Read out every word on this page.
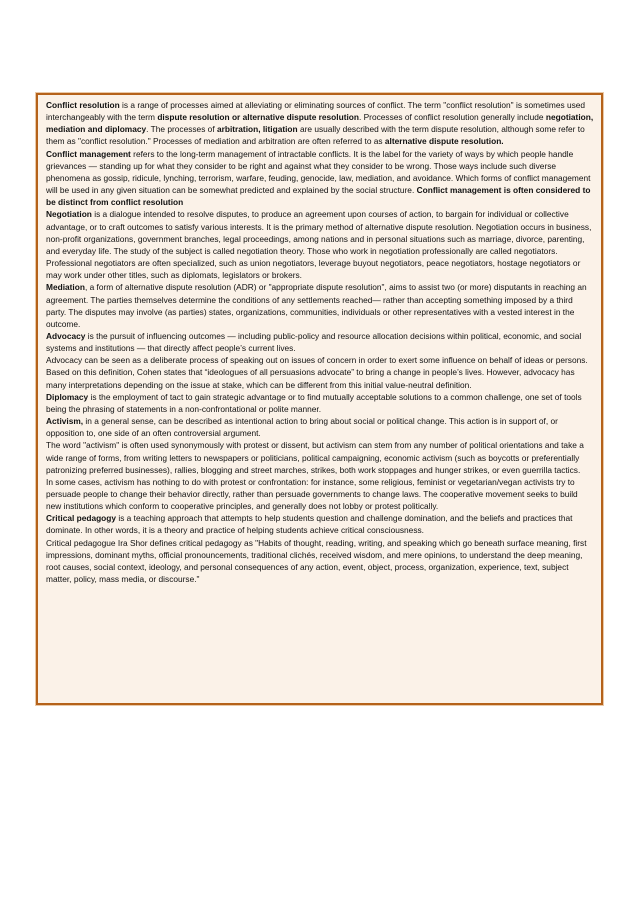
Conflict resolution is a range of processes aimed at alleviating or eliminating sources of conflict. The term "conflict resolution" is sometimes used interchangeably with the term dispute resolution or alternative dispute resolution. Processes of conflict resolution generally include negotiation, mediation and diplomacy. The processes of arbitration, litigation are usually described with the term dispute resolution, although some refer to them as "conflict resolution." Processes of mediation and arbitration are often referred to as alternative dispute resolution.

Conflict management refers to the long-term management of intractable conflicts. It is the label for the variety of ways by which people handle grievances — standing up for what they consider to be right and against what they consider to be wrong. Those ways include such diverse phenomena as gossip, ridicule, lynching, terrorism, warfare, feuding, genocide, law, mediation, and avoidance. Which forms of conflict management will be used in any given situation can be somewhat predicted and explained by the social structure. Conflict management is often considered to be distinct from conflict resolution

Negotiation is a dialogue intended to resolve disputes, to produce an agreement upon courses of action, to bargain for individual or collective advantage, or to craft outcomes to satisfy various interests. It is the primary method of alternative dispute resolution. Negotiation occurs in business, non-profit organizations, government branches, legal proceedings, among nations and in personal situations such as marriage, divorce, parenting, and everyday life. The study of the subject is called negotiation theory. Those who work in negotiation professionally are called negotiators. Professional negotiators are often specialized, such as union negotiators, leverage buyout negotiators, peace negotiators, hostage negotiators or may work under other titles, such as diplomats, legislators or brokers.

Mediation, a form of alternative dispute resolution (ADR) or "appropriate dispute resolution", aims to assist two (or more) disputants in reaching an agreement. The parties themselves determine the conditions of any settlements reached— rather than accepting something imposed by a third party. The disputes may involve (as parties) states, organizations, communities, individuals or other representatives with a vested interest in the outcome.

Advocacy is the pursuit of influencing outcomes — including public-policy and resource allocation decisions within political, economic, and social systems and institutions — that directly affect people’s current lives.

Advocacy can be seen as a deliberate process of speaking out on issues of concern in order to exert some influence on behalf of ideas or persons. Based on this definition, Cohen states that “ideologues of all persuasions advocate” to bring a change in people’s lives. However, advocacy has many interpretations depending on the issue at stake, which can be different from this initial value-neutral definition.

Diplomacy is the employment of tact to gain strategic advantage or to find mutually acceptable solutions to a common challenge, one set of tools being the phrasing of statements in a non-confrontational or polite manner.

Activism, in a general sense, can be described as intentional action to bring about social or political change. This action is in support of, or opposition to, one side of an often controversial argument.

The word "activism" is often used synonymously with protest or dissent, but activism can stem from any number of political orientations and take a wide range of forms, from writing letters to newspapers or politicians, political campaigning, economic activism (such as boycotts or preferentially patronizing preferred businesses), rallies, blogging and street marches, strikes, both work stoppages and hunger strikes, or even guerrilla tactics.

In some cases, activism has nothing to do with protest or confrontation: for instance, some religious, feminist or vegetarian/vegan activists try to persuade people to change their behavior directly, rather than persuade governments to change laws. The cooperative movement seeks to build new institutions which conform to cooperative principles, and generally does not lobby or protest politically.

Critical pedagogy is a teaching approach that attempts to help students question and challenge domination, and the beliefs and practices that dominate. In other words, it is a theory and practice of helping students achieve critical consciousness.

Critical pedagogue Ira Shor defines critical pedagogy as "Habits of thought, reading, writing, and speaking which go beneath surface meaning, first impressions, dominant myths, official pronouncements, traditional clichés, received wisdom, and mere opinions, to understand the deep meaning, root causes, social context, ideology, and personal consequences of any action, event, object, process, organization, experience, text, subject matter, policy, mass media, or discourse."
